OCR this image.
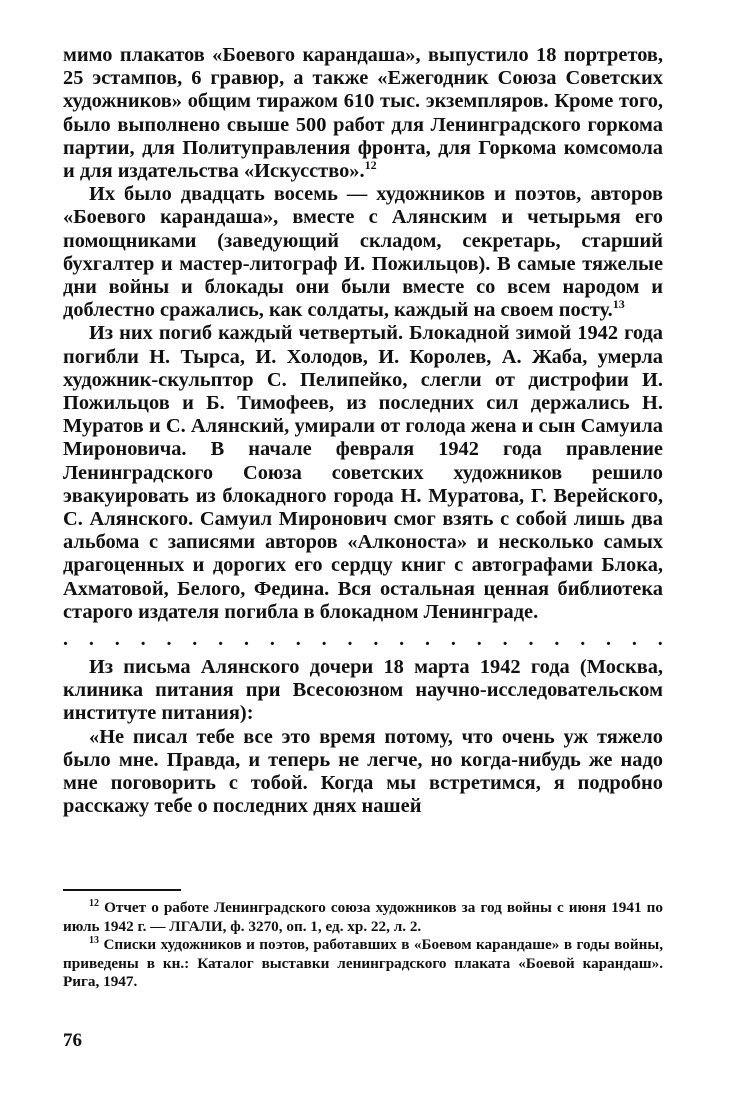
мимо плакатов «Боевого карандаша», выпустило 18 портретов, 25 эстампов, 6 гравюр, а также «Ежегодник Союза Советских художников» общим тиражом 610 тыс. экземпляров. Кроме того, было выполнено свыше 500 работ для Ленинградского горкома партии, для Политуправления фронта, для Горкома комсомола и для издательства «Искусство».$^{12}$

Их было двадцать восемь — художников и поэтов, авторов «Боевого карандаша», вместе с Алянским и четырьмя его помощниками (заведующий складом, секретарь, старший бухгалтер и мастер-литограф И. Пожильцов). В самые тяжелые дни войны и блокады они были вместе со всем народом и доблестно сражались, как солдаты, каждый на своем посту.$^{13}$

Из них погиб каждый четвертый. Блокадной зимой 1942 года погибли Н. Тырса, И. Холодов, И. Королев, А. Жаба, умерла художник-скульптор С. Пелипейко, слегли от дистрофии И. Пожильцов и Б. Тимофеев, из последних сил держались Н. Муратов и С. Алянский, умирали от голода жена и сын Самуила Мироновича. В начале февраля 1942 года правление Ленинградского Союза советских художников решило эвакуировать из блокадного города Н. Муратова, Г. Верейского, С. Алянского. Самуил Миронович смог взять с собой лишь два альбома с записями авторов «Алконоста» и несколько самых драгоценных и дорогих его сердцу книг с автографами Блока, Ахматовой, Белого, Федина. Вся остальная ценная библиотека старого издателя погибла в блокадном Ленинграде.

. . . . . . . . . . . . . . . . . . . . . . . .

Из письма Алянского дочери 18 марта 1942 года (Москва, клиника питания при Всесоюзном научно-исследовательском институте питания):

«Не писал тебе все это время потому, что очень уж тяжело было мне. Правда, и теперь не легче, но когда-нибудь же надо мне поговорить с тобой. Когда мы встретимся, я подробно расскажу тебе о последних днях нашей

$^{12}$ Отчет о работе Ленинградского союза художников за год войны с июня 1941 по июль 1942 г. — ЛГАЛИ, ф. 3270, оп. 1, ед. хр. 22, л. 2.

$^{13}$ Списки художников и поэтов, работавших в «Боевом карандаше» в годы войны, приведены в кн.: Каталог выставки ленинградского плаката «Боевой карандаш». Рига, 1947.

76
